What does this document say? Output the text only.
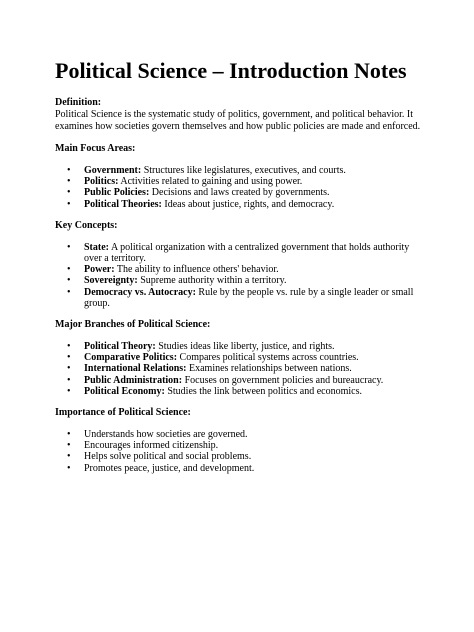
Political Science – Introduction Notes

Definition:

Political Science is the systematic study of politics, government, and political behavior. It examines how societies govern themselves and how public policies are made and enforced.

Main Focus Areas:

• Government: Structures like legislatures, executives, and courts.
• Politics: Activities related to gaining and using power.
• Public Policies: Decisions and laws created by governments.
• Political Theories: Ideas about justice, rights, and democracy.

Key Concepts:

• State: A political organization with a centralized government that holds authority over a territory.
• Power: The ability to influence others' behavior.
• Sovereignty: Supreme authority within a territory.
• Democracy vs. Autocracy: Rule by the people vs. rule by a single leader or small group.

Major Branches of Political Science:

• Political Theory: Studies ideas like liberty, justice, and rights.
• Comparative Politics: Compares political systems across countries.
• International Relations: Examines relationships between nations.
• Public Administration: Focuses on government policies and bureaucracy.
• Political Economy: Studies the link between politics and economics.

Importance of Political Science:

• Understands how societies are governed.
• Encourages informed citizenship.
• Helps solve political and social problems.
• Promotes peace, justice, and development.
